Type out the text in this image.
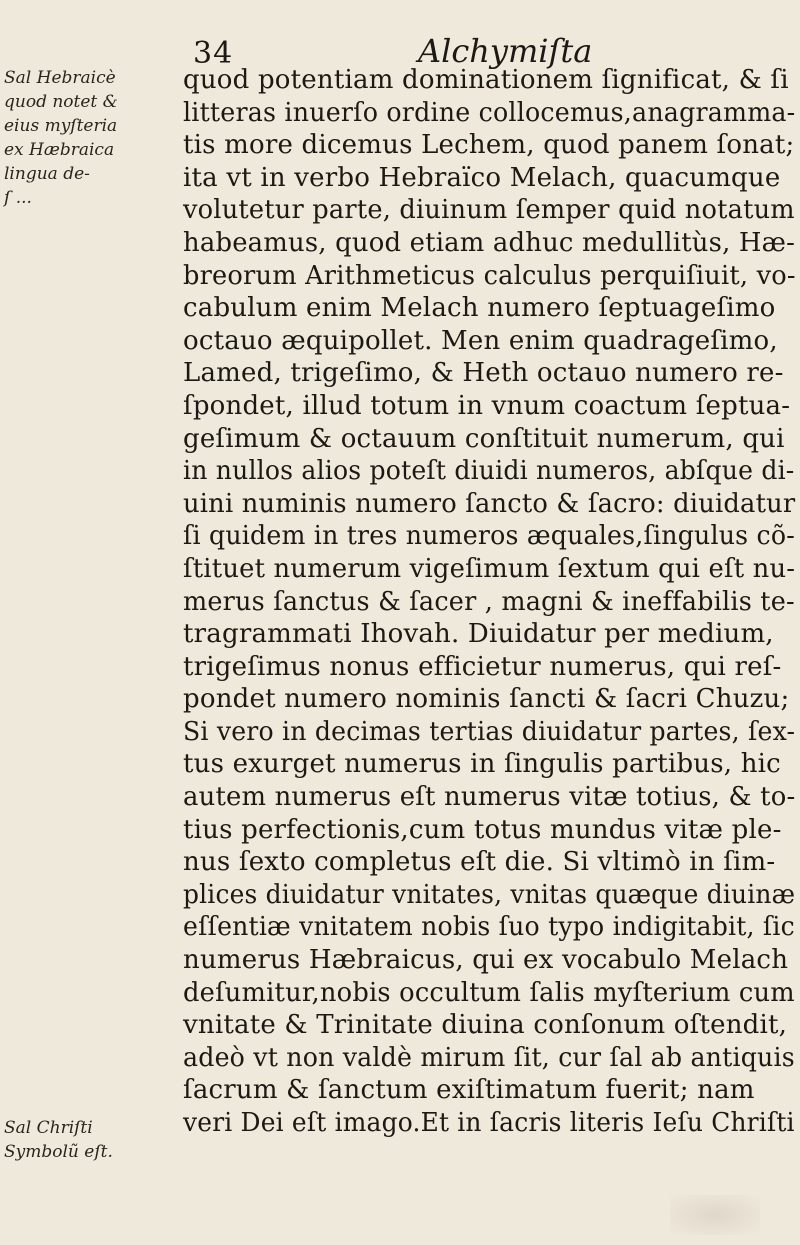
34	Alchymiſta
Sal Hebraicè
quod notet &
eius myſteria
ex Hæbraica
lingua de-
ſ ...
Sal Chriſti
Symbolũ eſt.
quod potentiam dominationem ſignificat, & ſi
litteras inuerſo ordine collocemus,anagramma-
tis more dicemus Lechem, quod panem ſonat;
ita vt in verbo Hebraïco Melach, quacumque
volutetur parte, diuinum ſemper quid notatum
habeamus, quod etiam adhuc medullitùs, Hæ-
breorum Arithmeticus calculus perquiſiuit, vo-
cabulum enim Melach numero ſeptuageſimo
octauo æquipollet. Men enim quadrageſimo,
Lamed, trigeſimo, & Heth octauo numero re-
ſpondet, illud totum in vnum coactum ſeptua-
geſimum & octauum conſtituit numerum, qui
in nullos alios poteſt diuidi numeros, abſque di-
uini numinis numero ſancto & ſacro: diuidatur
ſi quidem in tres numeros æquales,ſingulus cõ-
ſtituet numerum vigeſimum ſextum qui eſt nu-
merus ſanctus & ſacer , magni & ineffabilis te-
tragrammati Ihovah. Diuidatur per medium,
trigeſimus nonus efficietur numerus, qui reſ-
pondet numero nominis ſancti & ſacri Chuzu;
Si vero in decimas tertias diuidatur partes, ſex-
tus exurget numerus in ſingulis partibus, hic
autem numerus eſt numerus vitæ totius, & to-
tius perfectionis,cum totus mundus vitæ ple-
nus ſexto completus eſt die. Si vltimò in ſim-
plices diuidatur vnitates, vnitas quæque diuinæ
eſſentiæ vnitatem nobis ſuo typo indigitabit, ſic
numerus Hæbraicus, qui ex vocabulo Melach
deſumitur,nobis occultum ſalis myſterium cum
vnitate & Trinitate diuina conſonum oſtendit,
adeò vt non valdè mirum ſit, cur ſal ab antiquis
ſacrum & ſanctum exiſtimatum fuerit; nam
veri Dei eſt imago.Et in ſacris literis Ieſu Chriſti
